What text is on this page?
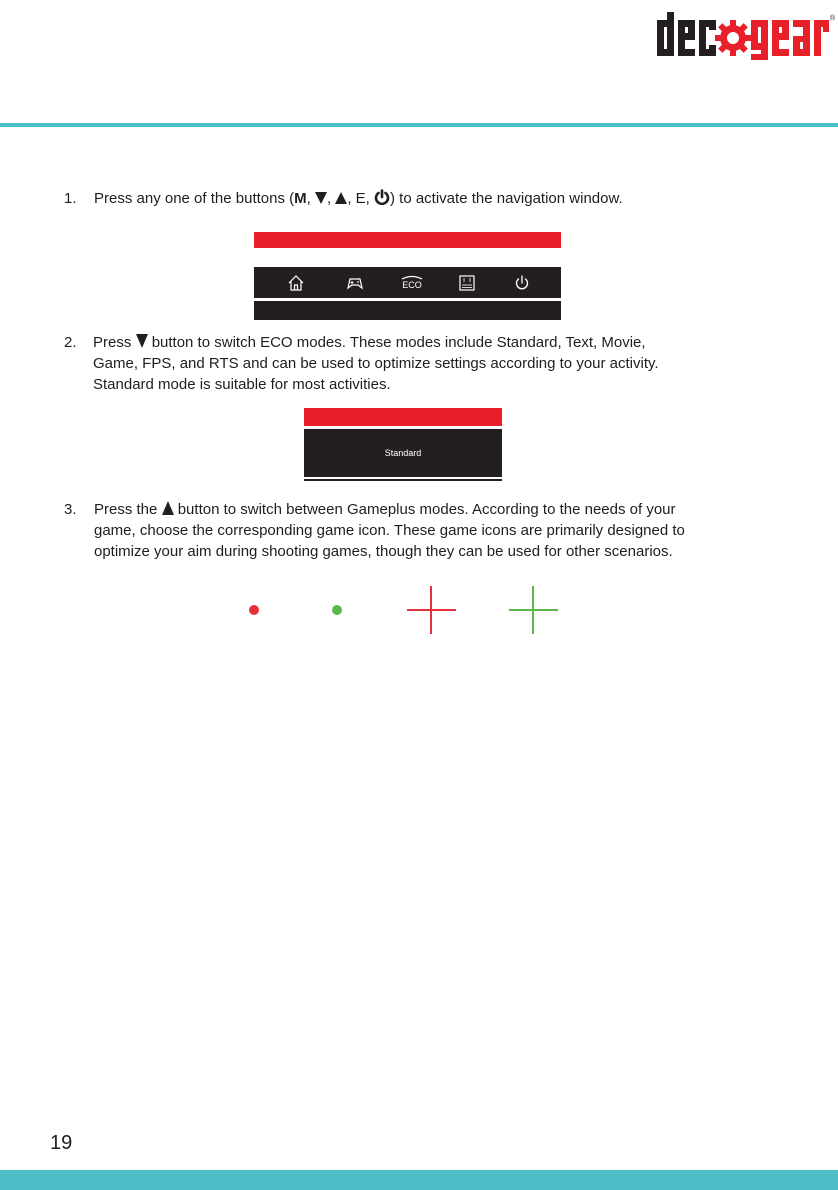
®
1. Press any one of the buttons (M, , , E, ) to activate the navigation window.
ECO
2. Press button to switch ECO modes. These modes include Standard, Text, Movie,
Game, FPS, and RTS and can be used to optimize settings according to your activity.
Standard mode is suitable for most activities.
Standard
3. Press the button to switch between Gameplus modes. According to the needs of your
game, choose the corresponding game icon. These game icons are primarily designed to
optimize your aim during shooting games, though they can be used for other scenarios.
19
